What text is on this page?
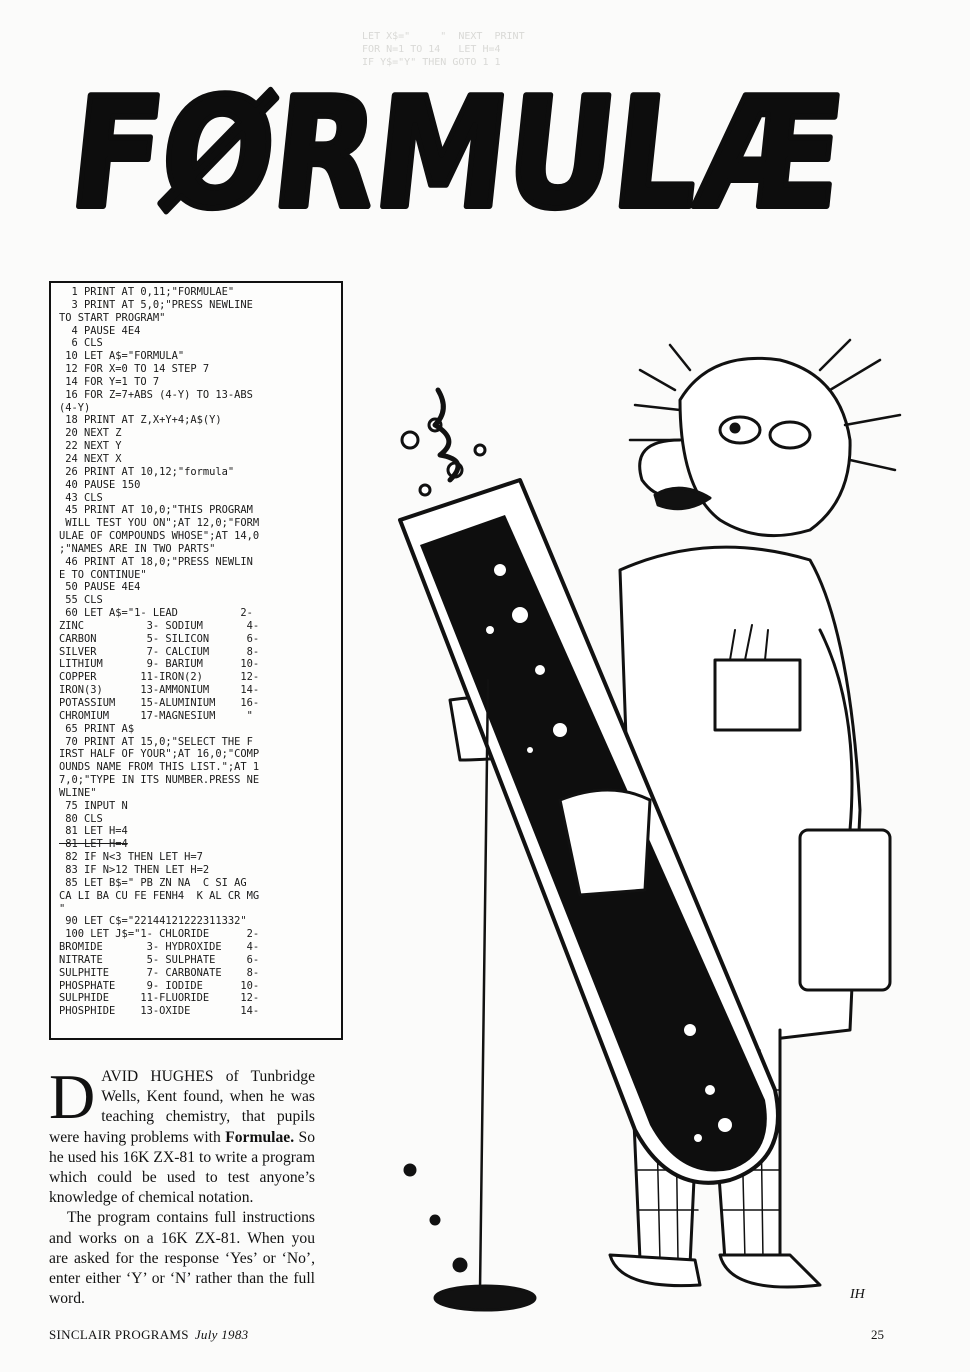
LET X$="     "  NEXT  PRINT
FOR N=1 TO 14   LET H=4
IF Y$="Y" THEN GOTO 1 1

FØRMULÆ
1 PRINT AT 0,11;"FORMULAE"
3 PRINT AT 5,0;"PRESS NEWLINE
TO START PROGRAM"
4 PAUSE 4E4
6 CLS
10 LET A$="FORMULA"
12 FOR X=0 TO 14 STEP 7
14 FOR Y=1 TO 7
16 FOR Z=7+ABS (4-Y) TO 13-ABS
(4-Y)
18 PRINT AT Z,X+Y+4;A$(Y)
20 NEXT Z
22 NEXT Y
24 NEXT X
26 PRINT AT 10,12;"formula"
40 PAUSE 150
43 CLS
45 PRINT AT 10,0;"THIS PROGRAM
WILL TEST YOU ON";AT 12,0;"FORM
ULAE OF COMPOUNDS WHOSE";AT 14,0
;"NAMES ARE IN TWO PARTS"
46 PRINT AT 18,0;"PRESS NEWLIN
E TO CONTINUE"
50 PAUSE 4E4
55 CLS
60 LET A$="1- LEAD          2-
ZINC          3- SODIUM       4-
CARBON        5- SILICON      6-
SILVER        7- CALCIUM      8-
LITHIUM       9- BARIUM      10-
COPPER       11-IRON(2)      12-
IRON(3)      13-AMMONIUM     14-
POTASSIUM    15-ALUMINIUM    16-
CHROMIUM     17-MAGNESIUM     "
65 PRINT A$
70 PRINT AT 15,0;"SELECT THE F
IRST HALF OF YOUR";AT 16,0;"COMP
OUNDS NAME FROM THIS LIST.";AT 1
7,0;"TYPE IN ITS NUMBER.PRESS NE
WLINE"
75 INPUT N
80 CLS
81 LET H=4
81 LET H=4
82 IF N<3 THEN LET H=7
83 IF N>12 THEN LET H=2
85 LET B$=" PB ZN NA  C SI AG
CA LI BA CU FE FENH4  K AL CR MG
"
90 LET C$="22144121222311332"
100 LET J$="1- CHLORIDE      2-
BROMIDE       3- HYDROXIDE    4-
NITRATE       5- SULPHATE     6-
SULPHITE      7- CARBONATE    8-
PHOSPHATE     9- IODIDE      10-
SULPHIDE     11-FLUORIDE     12-
PHOSPHIDE    13-OXIDE        14-

IH

DAVID HUGHES of Tunbridge Wells, Kent found, when he was teaching chemistry, that pupils were having problems with Formulae. So he used his 16K ZX-81 to write a program which could be used to test anyone’s knowledge of chemical notation.

The program contains full instructions and works on a 16K ZX-81. When you are asked for the response ‘Yes’ or ‘No’, enter either ‘Y’ or ‘N’ rather than the full word.

SINCLAIR PROGRAMS July 1983	25
